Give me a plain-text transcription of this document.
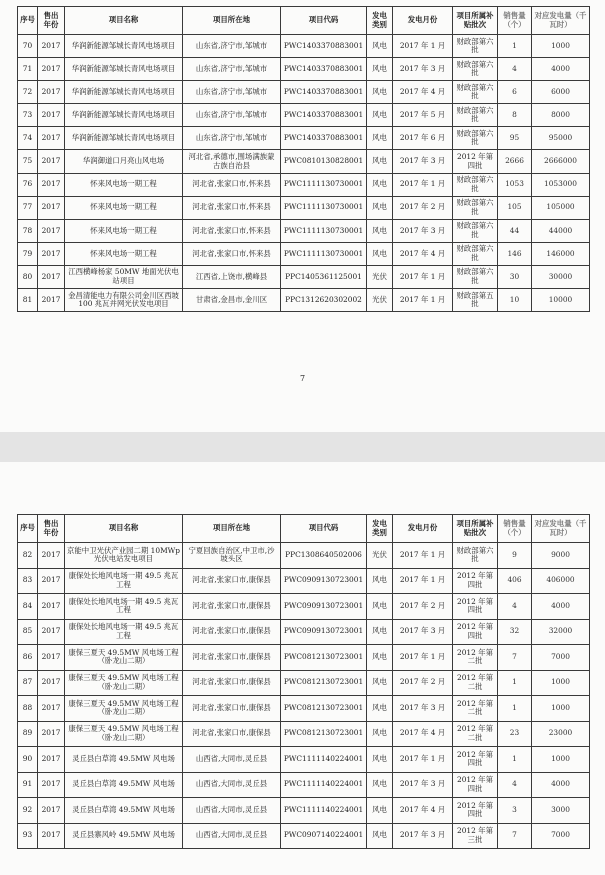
序号	售出年份	项目名称	项目所在地	项目代码	发电类别	发电月份	项目所属补贴批次	销售量（个）	对应发电量（千瓦时）
70	2017	华润新能源邹城长青风电场项目	山东省,济宁市,邹城市	PWC1403370883001	风电	2017 年 1 月	财政部第六批	1	1000
71	2017	华润新能源邹城长青风电场项目	山东省,济宁市,邹城市	PWC1403370883001	风电	2017 年 3 月	财政部第六批	4	4000
72	2017	华润新能源邹城长青风电场项目	山东省,济宁市,邹城市	PWC1403370883001	风电	2017 年 4 月	财政部第六批	6	6000
73	2017	华润新能源邹城长青风电场项目	山东省,济宁市,邹城市	PWC1403370883001	风电	2017 年 5 月	财政部第六批	8	8000
74	2017	华润新能源邹城长青风电场项目	山东省,济宁市,邹城市	PWC1403370883001	风电	2017 年 6 月	财政部第六批	95	95000
75	2017	华润御道口月亮山风电场	河北省,承德市,围场满族蒙古族自治县	PWC0810130828001	风电	2017 年 3 月	2012 年第四批	2666	2666000
76	2017	怀来风电场一期工程	河北省,张家口市,怀来县	PWC1111130730001	风电	2017 年 1 月	财政部第六批	1053	1053000
77	2017	怀来风电场一期工程	河北省,张家口市,怀来县	PWC1111130730001	风电	2017 年 2 月	财政部第六批	105	105000
78	2017	怀来风电场一期工程	河北省,张家口市,怀来县	PWC1111130730001	风电	2017 年 3 月	财政部第六批	44	44000
79	2017	怀来风电场一期工程	河北省,张家口市,怀来县	PWC1111130730001	风电	2017 年 4 月	财政部第六批	146	146000
80	2017	江西横峰杨家 50MW 地面光伏电站项目	江西省,上饶市,横峰县	PPC1405361125001	光伏	2017 年 1 月	财政部第六批	30	30000
81	2017	金昌清能电力有限公司金川区西坡 100 兆瓦并网光伏发电项目	甘肃省,金昌市,金川区	PPC1312620302002	光伏	2017 年 1 月	财政部第五批	10	10000
7
序号	售出年份	项目名称	项目所在地	项目代码	发电类别	发电月份	项目所属补贴批次	销售量（个）	对应发电量（千瓦时）
82	2017	京能中卫光伏产业园二期 10MWp 光伏电站发电项目	宁夏回族自治区,中卫市,沙坡头区	PPC1308640502006	光伏	2017 年 1 月	财政部第六批	9	9000
83	2017	康保处长地风电场一期 49.5 兆瓦工程	河北省,张家口市,康保县	PWC0909130723001	风电	2017 年 1 月	2012 年第四批	406	406000
84	2017	康保处长地风电场一期 49.5 兆瓦工程	河北省,张家口市,康保县	PWC0909130723001	风电	2017 年 2 月	2012 年第四批	4	4000
85	2017	康保处长地风电场一期 49.5 兆瓦工程	河北省,张家口市,康保县	PWC0909130723001	风电	2017 年 3 月	2012 年第四批	32	32000
86	2017	康保三夏天 49.5MW 风电场工程（卧龙山二期）	河北省,张家口市,康保县	PWC0812130723001	风电	2017 年 1 月	2012 年第二批	7	7000
87	2017	康保三夏天 49.5MW 风电场工程（卧龙山二期）	河北省,张家口市,康保县	PWC0812130723001	风电	2017 年 2 月	2012 年第二批	1	1000
88	2017	康保三夏天 49.5MW 风电场工程（卧龙山二期）	河北省,张家口市,康保县	PWC0812130723001	风电	2017 年 3 月	2012 年第二批	1	1000
89	2017	康保三夏天 49.5MW 风电场工程（卧龙山二期）	河北省,张家口市,康保县	PWC0812130723001	风电	2017 年 4 月	2012 年第二批	23	23000
90	2017	灵丘县白草湾 49.5MW 风电场	山西省,大同市,灵丘县	PWC1111140224001	风电	2017 年 1 月	2012 年第四批	1	1000
91	2017	灵丘县白草湾 49.5MW 风电场	山西省,大同市,灵丘县	PWC1111140224001	风电	2017 年 3 月	2012 年第四批	4	4000
92	2017	灵丘县白草湾 49.5MW 风电场	山西省,大同市,灵丘县	PWC1111140224001	风电	2017 年 4 月	2012 年第四批	3	3000
93	2017	灵丘县寨风岭 49.5MW 风电场	山西省,大同市,灵丘县	PWC0907140224001	风电	2017 年 3 月	2012 年第三批	7	7000
